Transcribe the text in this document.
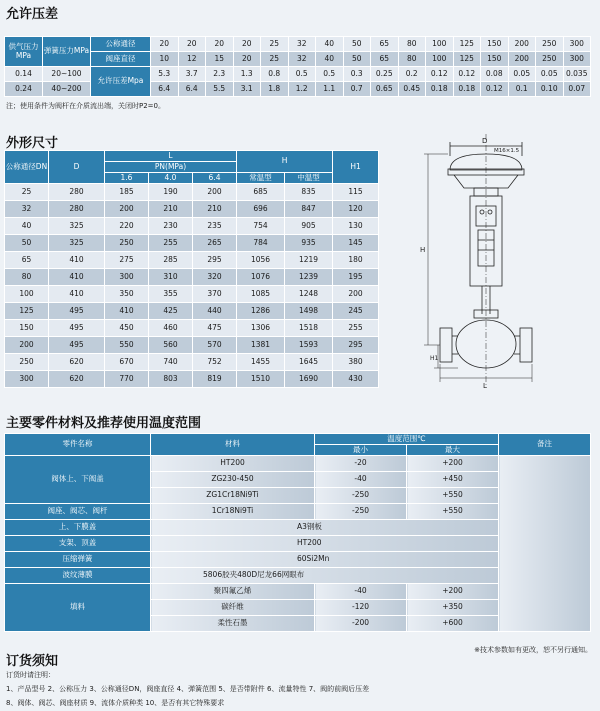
允许压差
供气压力MPa	弹簧压力MPa	公称通径	20	20	20	20	25	32	40	50	65	80	100	125	150	200	250	300
		阀座直径	10	12	15	20	25	32	40	50	65	80	100	125	150	200	250	300
0.14	20~100	允许压差Mpa	5.3	3.7	2.3	1.3	0.8	0.5	0.5	0.3	0.25	0.2	0.12	0.12	0.08	0.05	0.05	0.035
0.24	40~200		6.4	6.4	5.5	3.1	1.8	1.2	1.1	0.7	0.65	0.45	0.18	0.18	0.12	0.1	0.10	0.07
注；使用条件为阀杆在介质流出端，关闭时P2=0。
外形尺寸
公称通径DN	D	L			H		H1
		PN(MPa)					
		1.6	4.0	6.4	常温型	中温型	
25	280	185	190	200	685	835	115
32	280	200	210	210	696	847	120
40	325	220	230	235	754	905	130
50	325	250	255	265	784	935	145
65	410	275	285	295	1056	1219	180
80	410	300	310	320	1076	1239	195
100	410	350	355	370	1085	1248	200
125	495	410	425	440	1286	1498	245
150	495	450	460	475	1306	1518	255
200	495	550	560	570	1381	1593	295
250	620	670	740	752	1455	1645	380
300	620	770	803	819	1510	1690	430
D
M16×1.5
H
H1
L
主要零件材料及推荐使用温度范围
零件名称	材料	温度范围℃		备注
		最小	最大	
阀体上、下阀盖	HT200	-20	+200	
	ZG230-450	-40	+450	
	ZG1Cr18Ni9Ti	-250	+550	
阀座、阀芯、阀杆	1Cr18Ni9Ti	-250	+550	
上、下膜盖	A3钢板			
支架、顶盖	HT200			
压缩弹簧	60Si2Mn			
波纹薄膜	5806胶夹480D尼龙66网眼布			
填料	聚四氟乙烯	-40	+200	
	碳纤维	-120	+350	
	柔性石墨	-200	+600	
※技术参数如有更改，恕不另行通知。
订货须知
订货时请注明：
1、产品型号 2、公称压力 3、公称通径DN，阀座直径 4、弹簧范围 5、是否带附件 6、流量特性 7、阀的前阀后压差
8、阀体、阀芯、阀座材质 9、流体介质种类 10、是否有其它特殊要求
